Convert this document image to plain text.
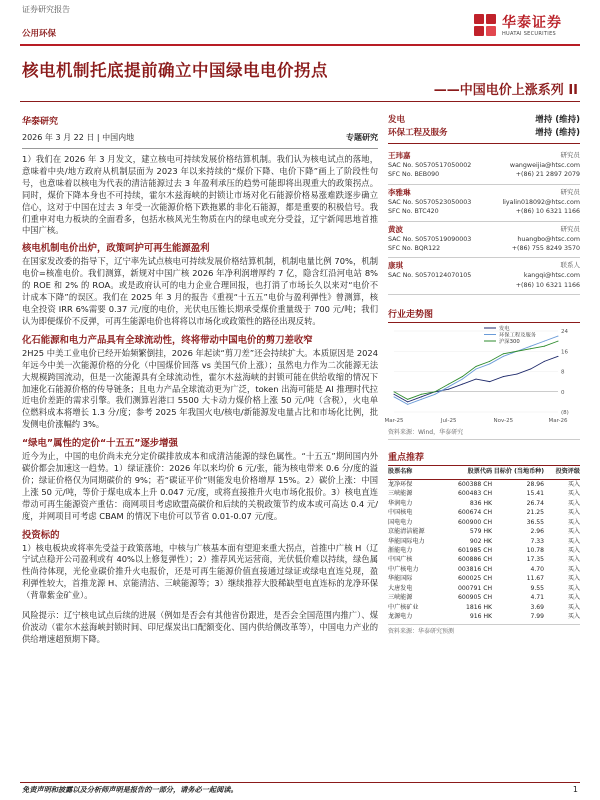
证券研究报告
公用环保
华泰证券
HUATAI SECURITIES
核电机制托底提前确立中国绿电电价拐点
——中国电价上涨系列 II
华泰研究
2026 年 3 月 22 日 | 中国内地	专题研究

1）我们在 2026 年 3 月发文，建立核电可持续发展价格结算机制。我们认为核电试点的落地，意味着中央/地方政府从机制层面为 2023 年以来持续的“煤价下降、电价下降”画上了阶段性句号，也意味着以核电为代表的清洁能源过去 3 年盈利承压的趋势可能即将出现重大的政策拐点。同时，煤价下降本身也不可持续，霍尔木兹海峡的封锁让市场对化石能源价格易涨难跌逐步确立信心，这对于中国在过去 3 年受一次能源价格下跌拖累的非化石能源，都是重要的积极信号。我们重申对电力板块的全面看多，包括水核风光生物质在内的绿电或充分受益，辽宁新闻思地首推中国广核。

核电机制电价出炉，政策呵护可再生能源盈利

在国家发改委的指导下，辽宁率先试点核电可持续发展价格结算机制，机制电量比例 70%，机制电价=核准电价。我们测算，新规对中国广核 2026 年净利润增厚约 7 亿，隐含红沿河电站 8% 的 ROE 和 2% 的 ROA。或是政府认可的电力企业合理回报，也打消了市场长久以来对“电价不计成本下降”的误区。我们在 2025 年 3 月的报告《重视“十五五”电价与盈利弹性》曾测算，核电全投资 IRR 6%需要 0.37 元/度的电价，光伏电压锥长期承受煤价重量级于 700 元/吨；我们认为即便煤价不反弹，可再生能源电价也将将以市场化或政策性的路径出现反转。

化石能源和电力产品具有全球流动性，终将带动中国电价的剪刀差收窄

2H25 中美工业电价已经开始频繁倒挂，2026 年起读“剪刀差”还会持续扩大。本质原因是 2024 年远今中美一次能源价格的分化（中国煤价回落 vs 美国气价上涨）；虽然电力作为二次能源无法大规模跨国流动，但是一次能源具有全球流动性，霍尔木兹海峡的封锁可能在供给收缩的情况下加速化石能源价格的传导链条；且电力产品全球流动更为广泛，token 出海可能是 AI 推理时代拉近电价差距的需求引擎。我们测算岩港口 5500 大卡动力煤价格上涨 50 元/吨（含税），火电单位燃料成本将增长 1.3 分/度；参考 2025 年我国火电/核电/新能源发电量占比和市场化比例，批发侧电价涨幅约 3%。

“绿电”属性的定价“十五五”逐步增强

近今为止，中国的电价尚未充分定价碳排放成本和成清洁能源的绿色属性。“十五五”期间国内外碳价都会加速这一趋势。1）绿证涨价：2026 年以来均价 6 元/张，能为核电带来 0.6 分/度的溢价；绿证价格仅为同期碳价的 9%；若“碳证平价”则能发电价格增厚 15%。2）碳价上涨：中国上涨 50 元/吨，等价于煤电成本上升 0.047 元/度，或将直接推升火电市场化报价。3）核电直连带动可再生能源资产重估：商网项目考虑欧盟高碳价和后续的关税政策节约成本或可高达 0.4 元/度，并网项目可考虑 CBAM 的情况下电价可以节省 0.01-0.07 元/度。

投资标的

1）核电板块或将率先受益于政策落地，中核与广核基本面有望迎来重大拐点，首推中广核 H（辽宁试点稳开公司盈利或有 40%以上修复弹性）；2）推荐风光运营商，光伏低价难以持续，绿色属性尚待体现，光伦业碳价推升火电报价，还是可再生能源价值直接通过绿证或绿电直连兑现，盈利弹性较大，首推龙源 H、京能清洁、三峡能源等；3）继续推荐大股稀缺型电直连标的龙净环保（背靠紫金矿业）。

风险提示：辽宁核电试点后续的进展（例如是否会有其他省份跟进，是否会全国范围内推广）、煤价波动（霍尔木兹海峡封锁时间、印尼煤炭出口配额变化、国内供给侧改革等），中国电力产业的供给增速超预期下降。

发电	增持 (维持)
环保工程及服务	增持 (维持)
王玮嘉	研究员
SAC No. S0570517050002	wangweijia@htsc.com
SFC No. BEB090	+(86) 21 2897 2079
李雅琳	研究员
SAC No. S0570523050003	liyalin018092@htsc.com
SFC No. BTC420	+(86) 10 6321 1166
黄波	研究员
SAC No. S0570519090003	huangbo@htsc.com
SFC No. BQR122	+(86) 755 8249 3570
康琪	联系人
SAC No. S0570124070105	kangqi@htsc.com
+(86) 10 6321 1166
行业走势图
24
16
8
0
(8)
Mar-25	Jul-25	Nov-25	Mar-26
发电
环保工程及服务
沪深300
资料来源：Wind，华泰研究
重点推荐
股票名称	股票代码	目标价 (当地币种)	投资评级
龙净环保	600388 CH	28.96	买入
三峡能源	600483 CH	15.41	买入
华润电力	836 HK	26.74	买入
中国核电	600674 CH	21.25	买入
国电电力	600900 CH	36.55	买入
京能清洁能源	579 HK	2.96	买入
华能国际电力	902 HK	7.33	买入
浙能电力	601985 CH	10.78	买入
中国广核	600886 CH	17.35	买入
中广核电力	003816 CH	4.70	买入
华能国际	600025 CH	11.67	买入
大唐发电	000791 CH	9.55	买入
三峡能源	600905 CH	4.71	买入
中广核矿业	1816 HK	3.69	买入
龙源电力	916 HK	7.99	买入
资料来源：华泰研究预测
免责声明和披露以及分析师声明是报告的一部分，请务必一起阅读。	1
